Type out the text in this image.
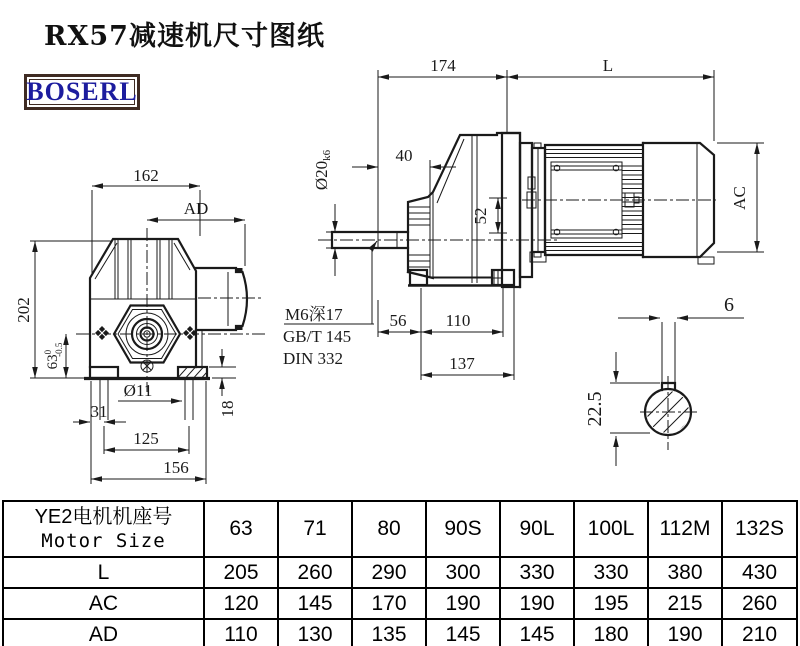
RX57减速机尺寸图纸
BOSERL
162
AD
202
$63^0-0.5$
18
Ø11
31
125
156
174	L
40
Ø20k6
52
56 110
137
AC
M6深17
GB/T 145
DIN 332
6
22.5
YE2电机机座号
Motor Size	63	71	80	90S	90L	100L	112M	132S
L	205	260	290	300	330	330	380	430
AC	120	145	170	190	190	195	215	260
AD	110	130	135	145	145	180	190	210
